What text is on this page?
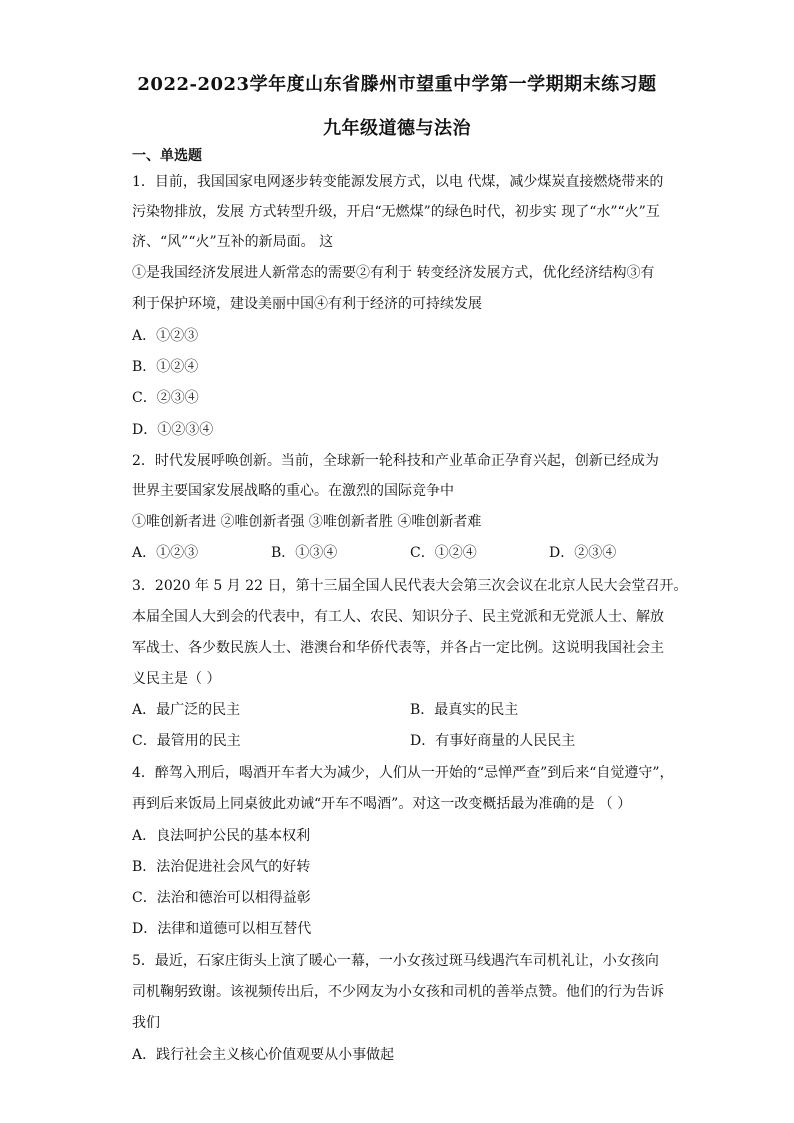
2022-2023学年度山东省滕州市望重中学第一学期期末练习题
九年级道德与法治
一、单选题
1．目前，我国国家电网逐步转变能源发展方式，以电 代煤，减少煤炭直接燃烧带来的
污染物排放，发展 方式转型升级，开启“无燃煤”的绿色时代，初步实 现了“水”“火”互
济、“风”“火”互补的新局面。 这
①是我国经济发展进人新常态的需要②有利于 转变经济发展方式，优化经济结构③有
利于保护环境，建设美丽中国④有利于经济的可持续发展
A．①②③
B．①②④
C．②③④
D．①②③④
2．时代发展呼唤创新。当前，全球新一轮科技和产业革命正孕育兴起，创新已经成为
世界主要国家发展战略的重心。在激烈的国际竞争中
①唯创新者进 ②唯创新者强 ③唯创新者胜 ④唯创新者难
A．①②③	B．①③④	C．①②④	D．②③④
3．2020 年 5 月 22 日，第十三届全国人民代表大会第三次会议在北京人民大会堂召开。
本届全国人大到会的代表中，有工人、农民、知识分子、民主党派和无党派人士、解放
军战士、各少数民族人士、港澳台和华侨代表等，并各占一定比例。这说明我国社会主
义民主是（ ）
A．最广泛的民主	B．最真实的民主
C．最管用的民主	D．有事好商量的人民民主
4．醉驾入刑后，喝酒开车者大为减少，人们从一开始的“忌惮严查”到后来“自觉遵守”，
再到后来饭局上同桌彼此劝诫“开车不喝酒”。对这一改变概括最为准确的是 （ ）
A．良法呵护公民的基本权利
B．法治促进社会风气的好转
C．法治和德治可以相得益彰
D．法律和道德可以相互替代
5．最近，石家庄街头上演了暖心一幕，一小女孩过斑马线遇汽车司机礼让，小女孩向
司机鞠躬致谢。该视频传出后，不少网友为小女孩和司机的善举点赞。他们的行为告诉
我们
A．践行社会主义核心价值观要从小事做起
